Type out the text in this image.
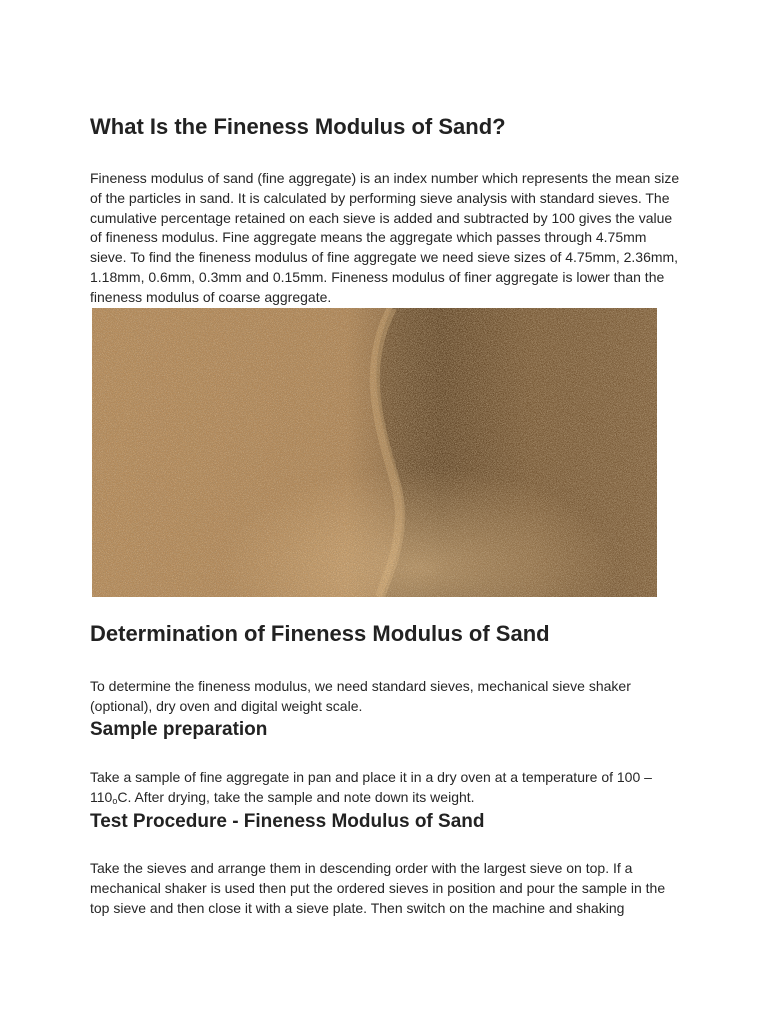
What Is the Fineness Modulus of Sand?

Fineness modulus of sand (fine aggregate) is an index number which represents the mean size of the particles in sand. It is calculated by performing sieve analysis with standard sieves. The cumulative percentage retained on each sieve is added and subtracted by 100 gives the value of fineness modulus. Fine aggregate means the aggregate which passes through 4.75mm sieve. To find the fineness modulus of fine aggregate we need sieve sizes of 4.75mm, 2.36mm, 1.18mm, 0.6mm, 0.3mm and 0.15mm. Fineness modulus of finer aggregate is lower than the fineness modulus of coarse aggregate.

Determination of Fineness Modulus of Sand

To determine the fineness modulus, we need standard sieves, mechanical sieve shaker (optional), dry oven and digital weight scale.

Sample preparation

Take a sample of fine aggregate in pan and place it in a dry oven at a temperature of $100 - 110_oC$. After drying, take the sample and note down its weight.

Test Procedure - Fineness Modulus of Sand

Take the sieves and arrange them in descending order with the largest sieve on top. If a mechanical shaker is used then put the ordered sieves in position and pour the sample in the top sieve and then close it with a sieve plate. Then switch on the machine and shaking
